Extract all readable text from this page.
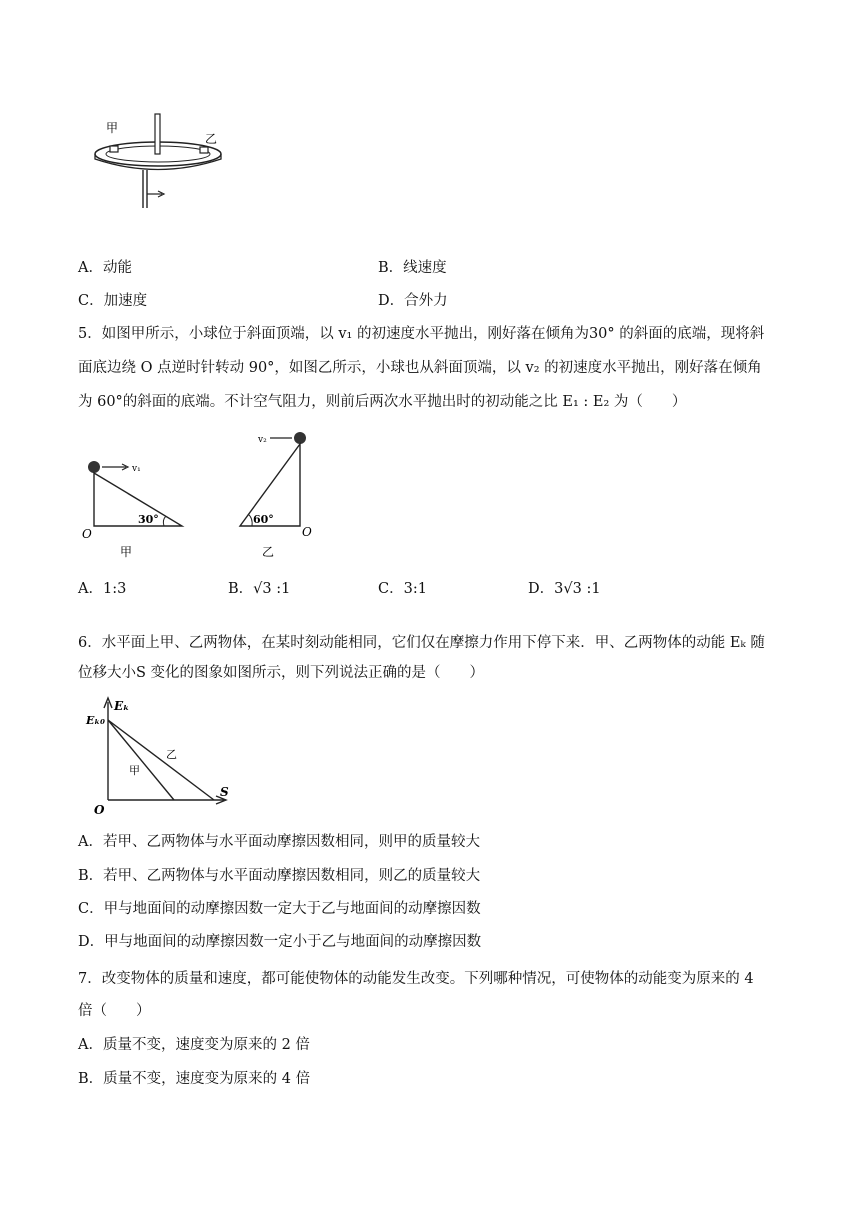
甲
乙
A．动能	B．线速度
C．加速度	D．合外力
5．如图甲所示，小球位于斜面顶端，以 v₁ 的初速度水平抛出，刚好落在倾角为30° 的斜面的底端，现将斜
面底边绕 O 点逆时针转动 90°，如图乙所示，小球也从斜面顶端，以 v₂ 的初速度水平抛出，刚好落在倾角
为 60°的斜面的底端。不计空气阻力，则前后两次水平抛出时的初动能之比 E₁ : E₂ 为（　　）
v₁
30°
O
甲
v₂
60°
O
乙
A．1:3	B．√3 :1	C．3:1	D．3√3 :1
6．水平面上甲、乙两物体，在某时刻动能相同，它们仅在摩擦力作用下停下来．甲、乙两物体的动能 Eₖ 随
位移大小S 变化的图象如图所示，则下列说法正确的是（　　）
Eₖ
Eₖ₀
S
O
甲
乙
A．若甲、乙两物体与水平面动摩擦因数相同，则甲的质量较大
B．若甲、乙两物体与水平面动摩擦因数相同，则乙的质量较大
C．甲与地面间的动摩擦因数一定大于乙与地面间的动摩擦因数
D．甲与地面间的动摩擦因数一定小于乙与地面间的动摩擦因数
7．改变物体的质量和速度，都可能使物体的动能发生改变。下列哪种情况，可使物体的动能变为原来的 4
倍（　　）
A．质量不变，速度变为原来的 2 倍
B．质量不变，速度变为原来的 4 倍
